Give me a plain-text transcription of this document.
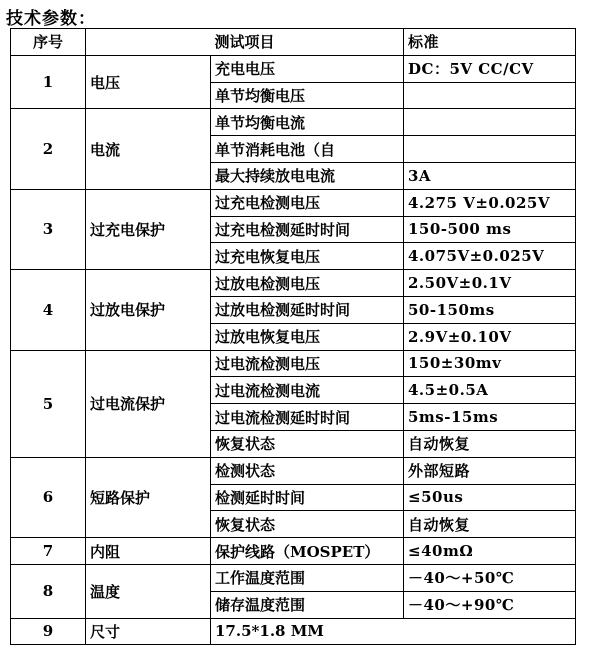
技术参数：
序号	测试项目		标准
1	电压	充电电压	DC：5V CC/CV
		单节均衡电压	
2	电流	单节均衡电流	
		单节消耗电池（自	
		最大持续放电电流	3A
3	过充电保护	过充电检测电压	4.275 V±0.025V
		过充电检测延时时间	150-500 ms
		过充电恢复电压	4.075V±0.025V
4	过放电保护	过放电检测电压	2.50V±0.1V
		过放电检测延时时间	50-150ms
		过放电恢复电压	2.9V±0.10V
5	过电流保护	过电流检测电压	150±30mv
		过电流检测电流	4.5±0.5A
		过电流检测延时时间	5ms-15ms
		恢复状态	自动恢复
6	短路保护	检测状态	外部短路
		检测延时时间	≤50us
		恢复状态	自动恢复
7	内阻	保护线路（MOSPET）	≤40mΩ
8	温度	工作温度范围	－40～+50℃
		储存温度范围	－40～+90℃
9	尺寸	17.5*1.8 MM	
